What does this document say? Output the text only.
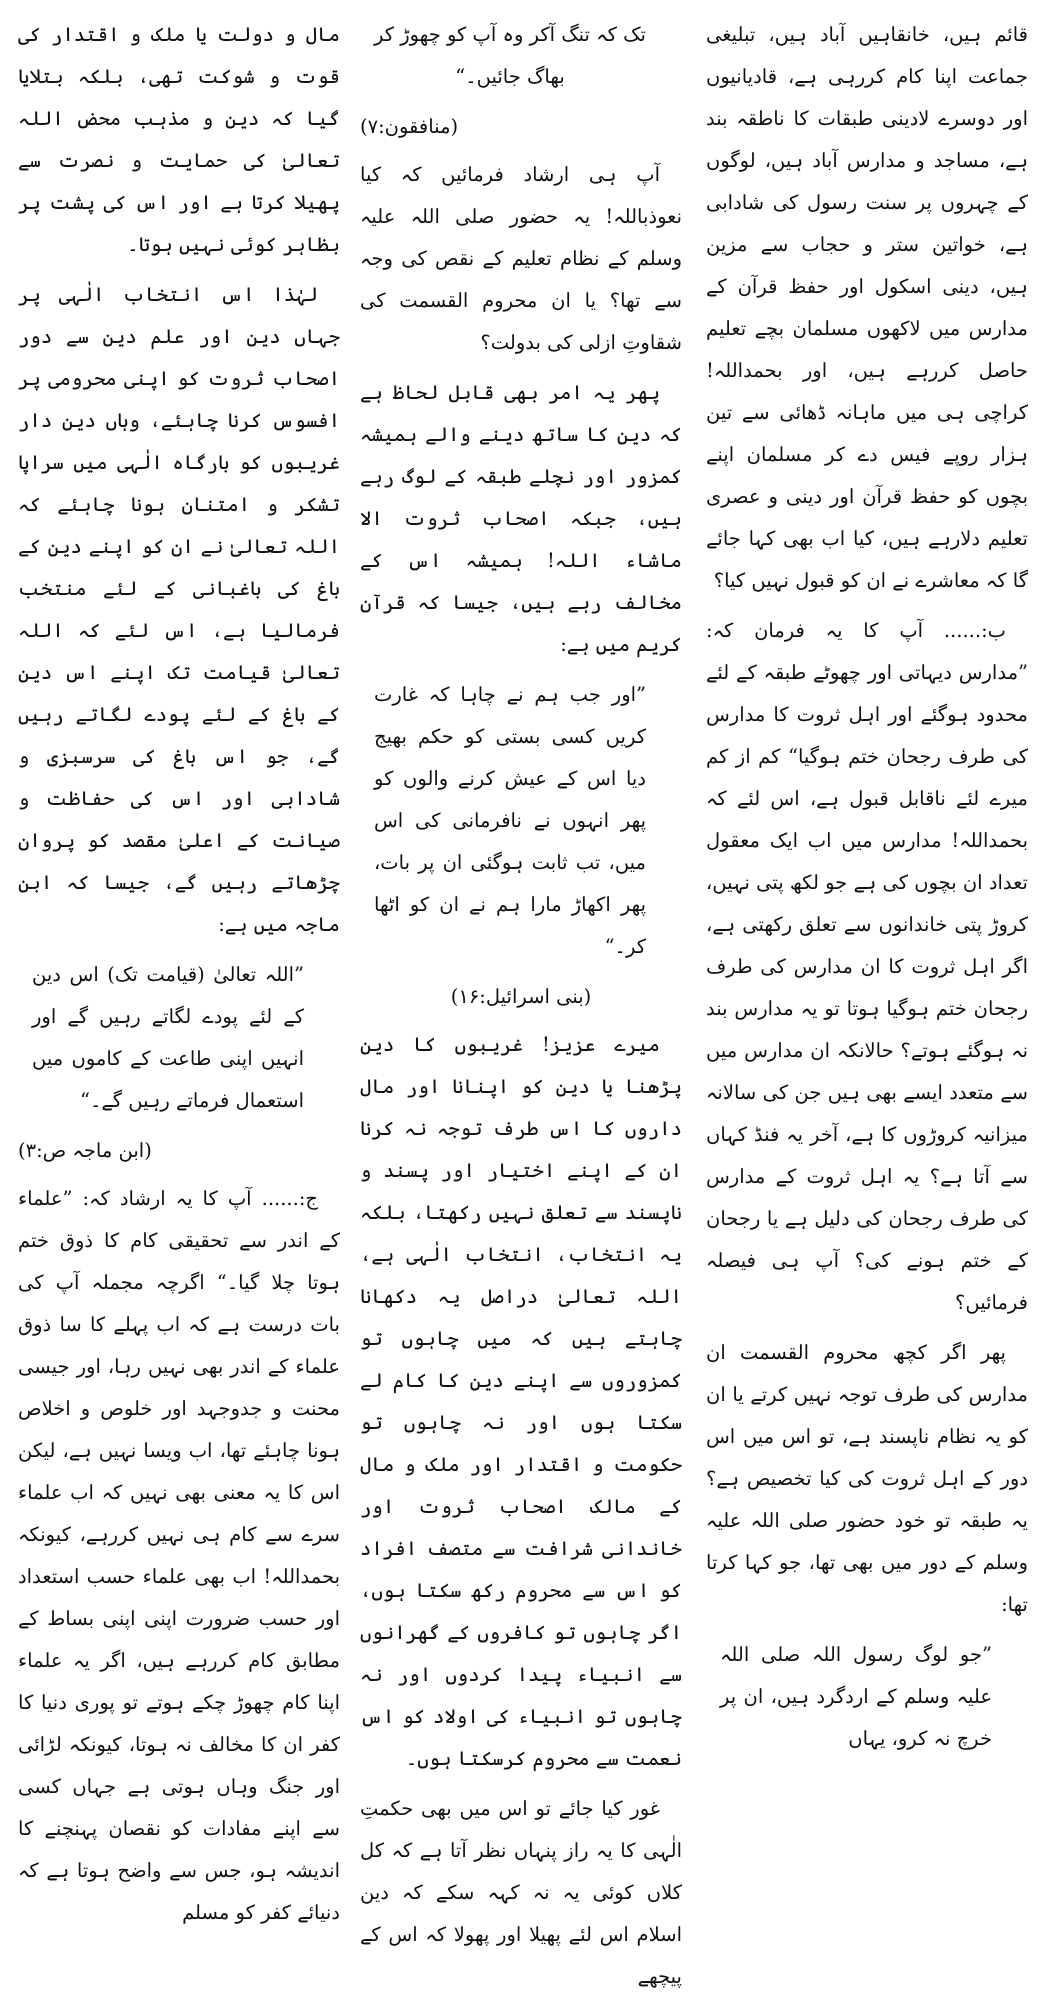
قائم ہیں، خانقاہیں آباد ہیں، تبلیغی جماعت اپنا کام کررہی ہے، قادیانیوں اور دوسرے لادینی طبقات کا ناطقہ بند ہے، مساجد و مدارس آباد ہیں، لوگوں کے چہروں پر سنت رسول کی شادابی ہے، خواتین ستر و حجاب سے مزین ہیں، دینی اسکول اور حفظ قرآن کے مدارس میں لاکھوں مسلمان بچے تعلیم حاصل کررہے ہیں، اور بحمداللہ! کراچی ہی میں ماہانہ ڈھائی سے تین ہزار روپے فیس دے کر مسلمان اپنے بچوں کو حفظ قرآن اور دینی و عصری تعلیم دلارہے ہیں، کیا اب بھی کہا جائے گا کہ معاشرے نے ان کو قبول نہیں کیا؟

ب:...... آپ کا یہ فرمان کہ: ”مدارس دیہاتی اور چھوٹے طبقہ کے لئے محدود ہوگئے اور اہل ثروت کا مدارس کی طرف رجحان ختم ہوگیا“ کم از کم میرے لئے ناقابل قبول ہے، اس لئے کہ بحمداللہ! مدارس میں اب ایک معقول تعداد ان بچوں کی ہے جو لکھ پتی نہیں، کروڑ پتی خاندانوں سے تعلق رکھتی ہے، اگر اہل ثروت کا ان مدارس کی طرف رجحان ختم ہوگیا ہوتا تو یہ مدارس بند نہ ہوگئے ہوتے؟ حالانکہ ان مدارس میں سے متعدد ایسے بھی ہیں جن کی سالانہ میزانیہ کروڑوں کا ہے، آخر یہ فنڈ کہاں سے آتا ہے؟ یہ اہل ثروت کے مدارس کی طرف رجحان کی دلیل ہے یا رجحان کے ختم ہونے کی؟ آپ ہی فیصلہ فرمائیں؟

پھر اگر کچھ محروم القسمت ان مدارس کی طرف توجہ نہیں کرتے یا ان کو یہ نظام ناپسند ہے، تو اس میں اس دور کے اہل ثروت کی کیا تخصیص ہے؟ یہ طبقہ تو خود حضور صلی اللہ علیہ وسلم کے دور میں بھی تھا، جو کہا کرتا تھا:

”جو لوگ رسول اللہ صلی اللہ علیہ وسلم کے اردگرد ہیں، ان پر خرچ نہ کرو، یہاں

تک کہ تنگ آکر وہ آپ کو چھوڑ کر بھاگ جائیں۔“

(منافقون:۷)

آپ ہی ارشاد فرمائیں کہ کیا نعوذباللہ! یہ حضور صلی اللہ علیہ وسلم کے نظام تعلیم کے نقص کی وجہ سے تھا؟ یا ان محروم القسمت کی شقاوتِ ازلی کی بدولت؟

پھر یہ امر بھی قابل لحاظ ہے کہ دین کا ساتھ دینے والے ہمیشہ کمزور اور نچلے طبقہ کے لوگ رہے ہیں، جبکہ اصحاب ثروت الا ماشاء اللہ! ہمیشہ اس کے مخالف رہے ہیں، جیسا کہ قرآن کریم میں ہے:

”اور جب ہم نے چاہا کہ غارت کریں کسی بستی کو حکم بھیج دیا اس کے عیش کرنے والوں کو پھر انہوں نے نافرمانی کی اس میں، تب ثابت ہوگئی ان پر بات، پھر اکھاڑ مارا ہم نے ان کو اٹھا کر۔“

(بنی اسرائیل:۱۶)

میرے عزیز! غریبوں کا دین پڑھنا یا دین کو اپنانا اور مال داروں کا اس طرف توجہ نہ کرنا ان کے اپنے اختیار اور پسند و ناپسند سے تعلق نہیں رکھتا، بلکہ یہ انتخاب، انتخاب الٰہی ہے، اللہ تعالیٰ دراصل یہ دکھانا چاہتے ہیں کہ میں چاہوں تو کمزوروں سے اپنے دین کا کام لے سکتا ہوں اور نہ چاہوں تو حکومت و اقتدار اور ملک و مال کے مالک اصحاب ثروت اور خاندانی شرافت سے متصف افراد کو اس سے محروم رکھ سکتا ہوں، اگر چاہوں تو کافروں کے گھرانوں سے انبیاء پیدا کردوں اور نہ چاہوں تو انبیاء کی اولاد کو اس نعمت سے محروم کرسکتا ہوں۔

غور کیا جائے تو اس میں بھی حکمتِ الٰہی کا یہ راز پنہاں نظر آتا ہے کہ کل کلاں کوئی یہ نہ کہہ سکے کہ دین اسلام اس لئے پھیلا اور پھولا کہ اس کے پیچھے

مال و دولت یا ملک و اقتدار کی قوت و شوکت تھی، بلکہ بتلایا گیا کہ دین و مذہب محض اللہ تعالیٰ کی حمایت و نصرت سے پھیلا کرتا ہے اور اس کی پشت پر بظاہر کوئی نہیں ہوتا۔

لہٰذا اس انتخاب الٰہی پر جہاں دین اور علم دین سے دور اصحاب ثروت کو اپنی محرومی پر افسوس کرنا چاہئے، وہاں دین دار غریبوں کو بارگاہ الٰہی میں سراپا تشکر و امتنان ہونا چاہئے کہ اللہ تعالیٰ نے ان کو اپنے دین کے باغ کی باغبانی کے لئے منتخب فرمالیا ہے، اس لئے کہ اللہ تعالیٰ قیامت تک اپنے اس دین کے باغ کے لئے پودے لگاتے رہیں گے، جو اس باغ کی سرسبزی و شادابی اور اس کی حفاظت و صیانت کے اعلیٰ مقصد کو پروان چڑھاتے رہیں گے، جیسا کہ ابن ماجہ میں ہے:

”اللہ تعالیٰ (قیامت تک) اس دین کے لئے پودے لگاتے رہیں گے اور انہیں اپنی طاعت کے کاموں میں استعمال فرماتے رہیں گے۔“

(ابن ماجہ ص:۳)

ج:...... آپ کا یہ ارشاد کہ: ”علماء کے اندر سے تحقیقی کام کا ذوق ختم ہوتا چلا گیا۔“ اگرچہ مجملہ آپ کی بات درست ہے کہ اب پہلے کا سا ذوق علماء کے اندر بھی نہیں رہا، اور جیسی محنت و جدوجہد اور خلوص و اخلاص ہونا چاہئے تھا، اب ویسا نہیں ہے، لیکن اس کا یہ معنی بھی نہیں کہ اب علماء سرے سے کام ہی نہیں کررہے، کیونکہ بحمداللہ! اب بھی علماء حسب استعداد اور حسب ضرورت اپنی اپنی بساط کے مطابق کام کررہے ہیں، اگر یہ علماء اپنا کام چھوڑ چکے ہوتے تو پوری دنیا کا کفر ان کا مخالف نہ ہوتا، کیونکہ لڑائی اور جنگ وہاں ہوتی ہے جہاں کسی سے اپنے مفادات کو نقصان پہنچنے کا اندیشہ ہو، جس سے واضح ہوتا ہے کہ دنیائے کفر کو مسلم
